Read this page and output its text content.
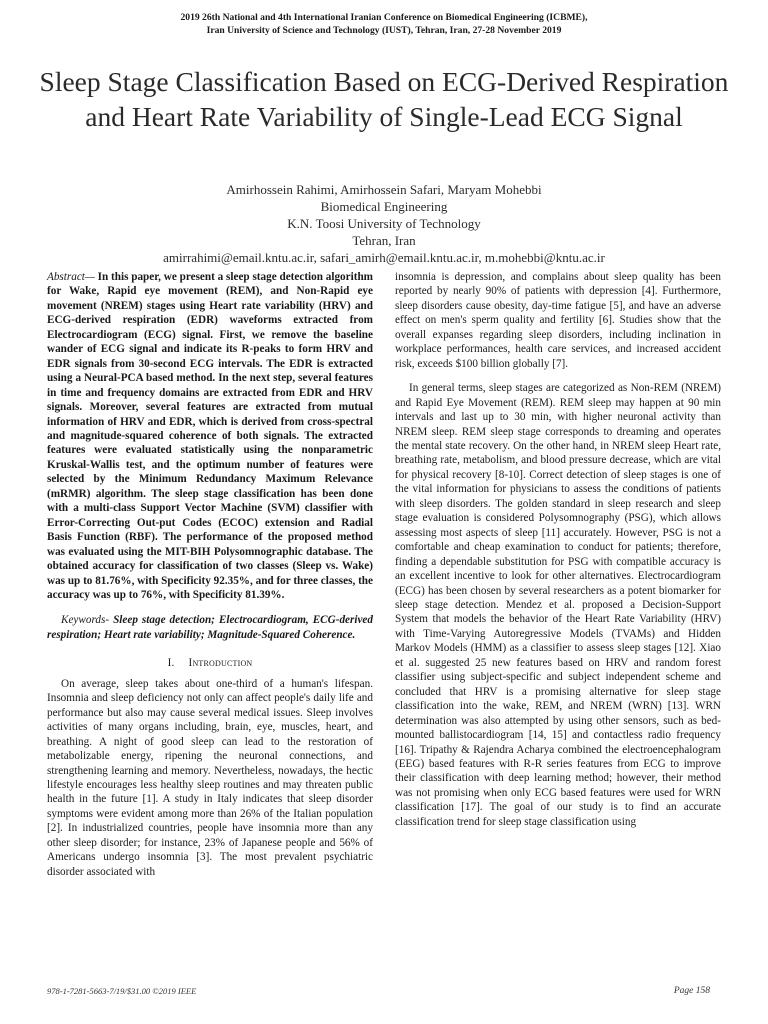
2019 26th National and 4th International Iranian Conference on Biomedical Engineering (ICBME),
Iran University of Science and Technology (IUST), Tehran, Iran, 27-28 November 2019
Sleep Stage Classification Based on ECG-Derived Respiration and Heart Rate Variability of Single-Lead ECG Signal
Amirhossein Rahimi, Amirhossein Safari, Maryam Mohebbi
Biomedical Engineering
K.N. Toosi University of Technology
Tehran, Iran
amirrahimi@email.kntu.ac.ir, safari_amirh@email.kntu.ac.ir, m.mohebbi@kntu.ac.ir

Abstract— In this paper, we present a sleep stage detection algorithm for Wake, Rapid eye movement (REM), and Non-Rapid eye movement (NREM) stages using Heart rate variability (HRV) and ECG-derived respiration (EDR) waveforms extracted from Electrocardiogram (ECG) signal. First, we remove the baseline wander of ECG signal and indicate its R-peaks to form HRV and EDR signals from 30-second ECG intervals. The EDR is extracted using a Neural-PCA based method. In the next step, several features in time and frequency domains are extracted from EDR and HRV signals. Moreover, several features are extracted from mutual information of HRV and EDR, which is derived from cross-spectral and magnitude-squared coherence of both signals. The extracted features were evaluated statistically using the nonparametric Kruskal-Wallis test, and the optimum number of features were selected by the Minimum Redundancy Maximum Relevance (mRMR) algorithm. The sleep stage classification has been done with a multi-class Support Vector Machine (SVM) classifier with Error-Correcting Out-put Codes (ECOC) extension and Radial Basis Function (RBF). The performance of the proposed method was evaluated using the MIT-BIH Polysomnographic database. The obtained accuracy for classification of two classes (Sleep vs. Wake) was up to 81.76%, with Specificity 92.35%, and for three classes, the accuracy was up to 76%, with Specificity 81.39%.

Keywords- Sleep stage detection; Electrocardiogram, ECG-derived respiration; Heart rate variability; Magnitude-Squared Coherence.

I. Introduction

On average, sleep takes about one-third of a human's lifespan. Insomnia and sleep deficiency not only can affect people's daily life and performance but also may cause several medical issues. Sleep involves activities of many organs including, brain, eye, muscles, heart, and breathing. A night of good sleep can lead to the restoration of metabolizable energy, ripening the neuronal connections, and strengthening learning and memory. Nevertheless, nowadays, the hectic lifestyle encourages less healthy sleep routines and may threaten public health in the future [1]. A study in Italy indicates that sleep disorder symptoms were evident among more than 26% of the Italian population [2]. In industrialized countries, people have insomnia more than any other sleep disorder; for instance, 23% of Japanese people and 56% of Americans undergo insomnia [3]. The most prevalent psychiatric disorder associated with

insomnia is depression, and complains about sleep quality has been reported by nearly 90% of patients with depression [4]. Furthermore, sleep disorders cause obesity, day-time fatigue [5], and have an adverse effect on men's sperm quality and fertility [6]. Studies show that the overall expanses regarding sleep disorders, including inclination in workplace performances, health care services, and increased accident risk, exceeds $100 billion globally [7].

In general terms, sleep stages are categorized as Non-REM (NREM) and Rapid Eye Movement (REM). REM sleep may happen at 90 min intervals and last up to 30 min, with higher neuronal activity than NREM sleep. REM sleep stage corresponds to dreaming and operates the mental state recovery. On the other hand, in NREM sleep Heart rate, breathing rate, metabolism, and blood pressure decrease, which are vital for physical recovery [8-10]. Correct detection of sleep stages is one of the vital information for physicians to assess the conditions of patients with sleep disorders. The golden standard in sleep research and sleep stage evaluation is considered Polysomnography (PSG), which allows assessing most aspects of sleep [11] accurately. However, PSG is not a comfortable and cheap examination to conduct for patients; therefore, finding a dependable substitution for PSG with compatible accuracy is an excellent incentive to look for other alternatives. Electrocardiogram (ECG) has been chosen by several researchers as a potent biomarker for sleep stage detection. Mendez et al. proposed a Decision-Support System that models the behavior of the Heart Rate Variability (HRV) with Time-Varying Autoregressive Models (TVAMs) and Hidden Markov Models (HMM) as a classifier to assess sleep stages [12]. Xiao et al. suggested 25 new features based on HRV and random forest classifier using subject-specific and subject independent scheme and concluded that HRV is a promising alternative for sleep stage classification into the wake, REM, and NREM (WRN) [13]. WRN determination was also attempted by using other sensors, such as bed-mounted ballistocardiogram [14, 15] and contactless radio frequency [16]. Tripathy & Rajendra Acharya combined the electroencephalogram (EEG) based features with R-R series features from ECG to improve their classification with deep learning method; however, their method was not promising when only ECG based features were used for WRN classification [17]. The goal of our study is to find an accurate classification trend for sleep stage classification using

978-1-7281-5663-7/19/$31.00 ©2019 IEEE	Page 158
